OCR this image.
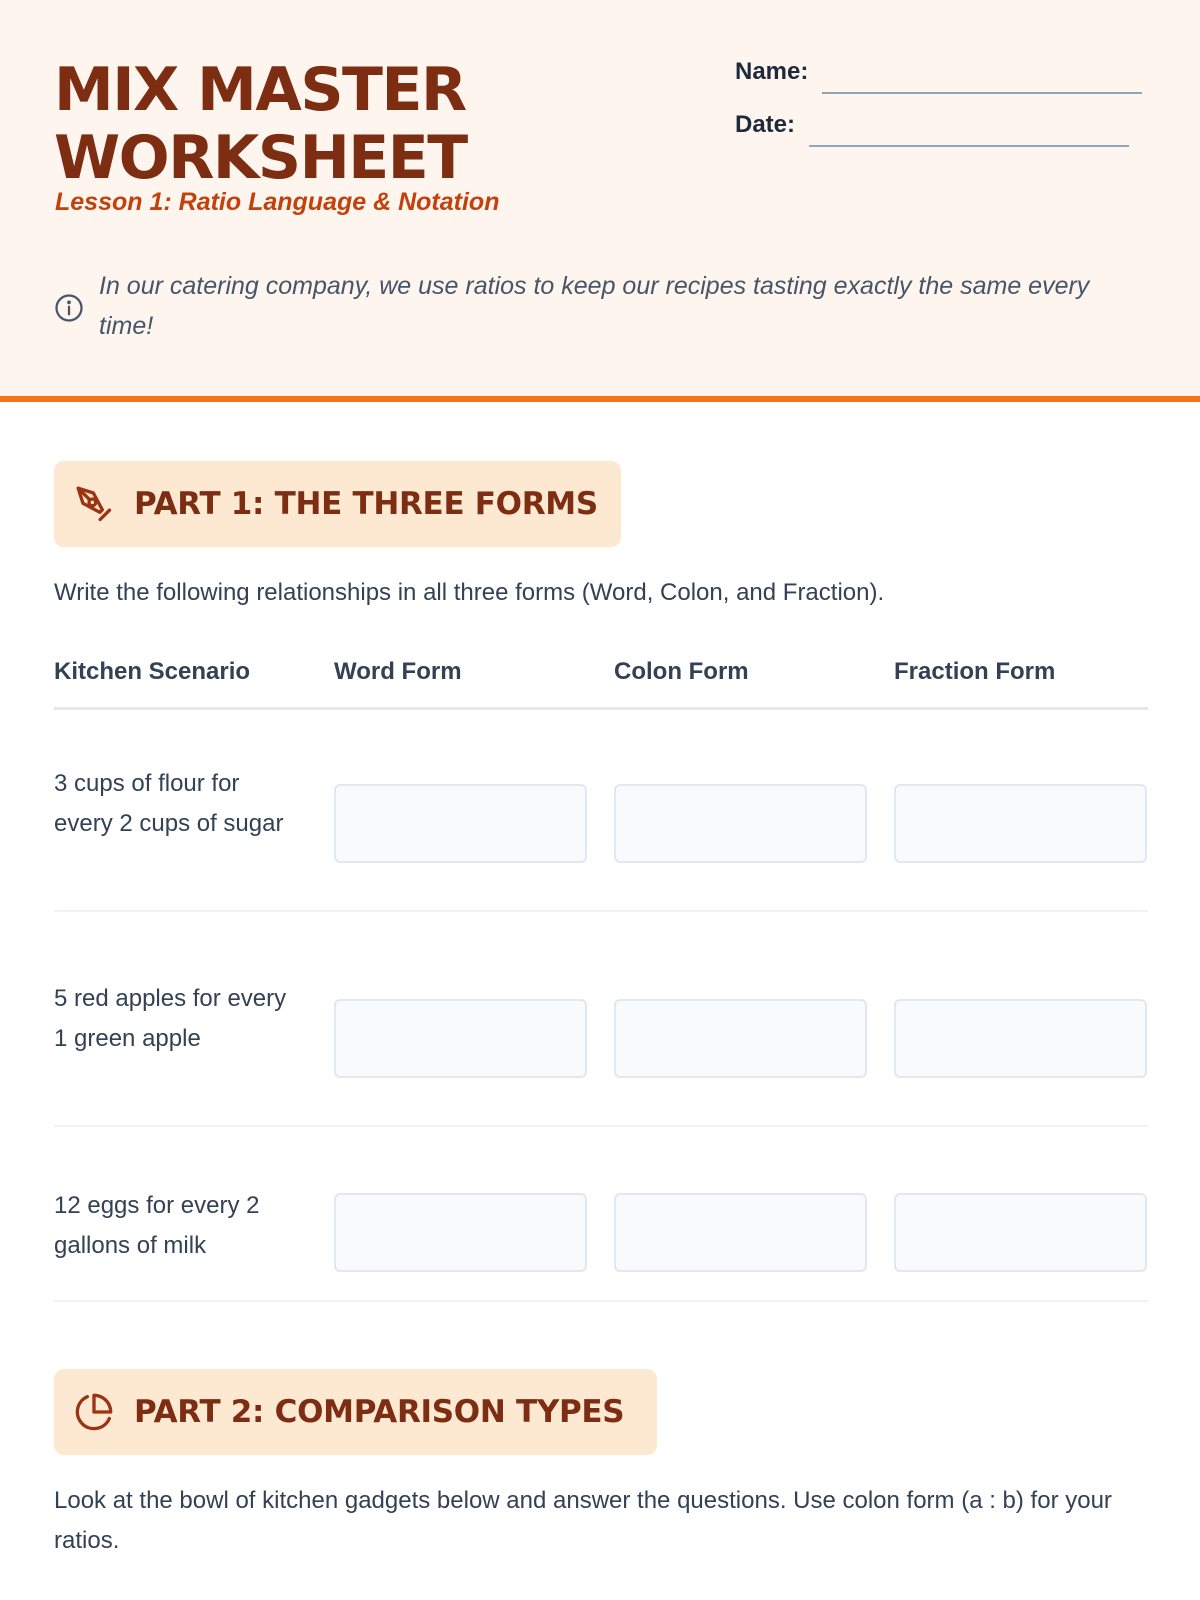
MIX MASTER WORKSHEET
Lesson 1: Ratio Language & Notation
Name:
Date:
In our catering company, we use ratios to keep our recipes tasting exactly the same every time!
PART 1: THE THREE FORMS
Write the following relationships in all three forms (Word, Colon, and Fraction).
Kitchen Scenario	Word Form	Colon Form	Fraction Form
3 cups of flour for every 2 cups of sugar
5 red apples for every 1 green apple
12 eggs for every 2 gallons of milk
PART 2: COMPARISON TYPES
Look at the bowl of kitchen gadgets below and answer the questions. Use colon form (a : b) for your ratios.
